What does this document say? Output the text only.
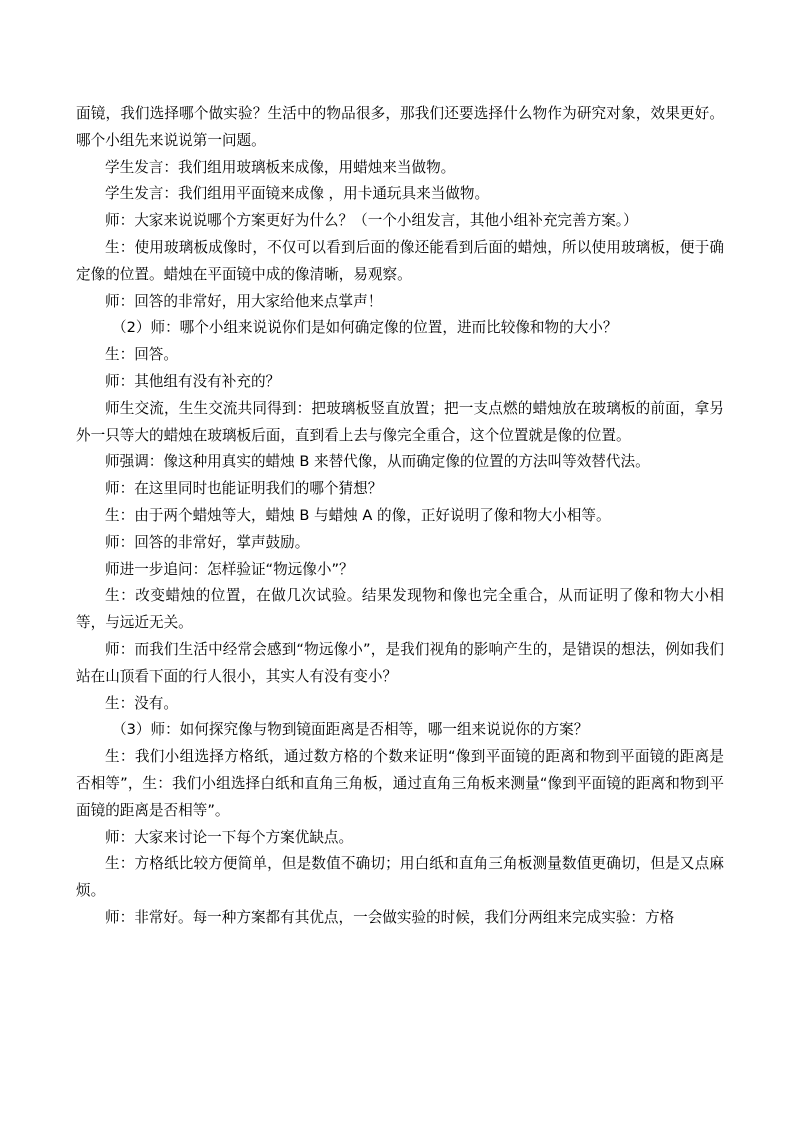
面镜，我们选择哪个做实验？生活中的物品很多，那我们还要选择什么物作为研究对象，效果更好。哪个小组先来说说第一问题。

学生发言：我们组用玻璃板来成像，用蜡烛来当做物。

学生发言：我们组用平面镜来成像 ，用卡通玩具来当做物。

师：大家来说说哪个方案更好为什么？（一个小组发言，其他小组补充完善方案。）

生：使用玻璃板成像时，不仅可以看到后面的像还能看到后面的蜡烛，所以使用玻璃板，便于确定像的位置。蜡烛在平面镜中成的像清晰，易观察。

师：回答的非常好，用大家给他来点掌声！

（2）师：哪个小组来说说你们是如何确定像的位置，进而比较像和物的大小？

生：回答。

师：其他组有没有补充的？

师生交流，生生交流共同得到：把玻璃板竖直放置；把一支点燃的蜡烛放在玻璃板的前面，拿另外一只等大的蜡烛在玻璃板后面，直到看上去与像完全重合，这个位置就是像的位置。

师强调：像这种用真实的蜡烛 B 来替代像，从而确定像的位置的方法叫等效替代法。

师：在这里同时也能证明我们的哪个猜想？

生：由于两个蜡烛等大，蜡烛 B 与蜡烛 A 的像，正好说明了像和物大小相等。

师：回答的非常好，掌声鼓励。

师进一步追问：怎样验证“物远像小”？

生：改变蜡烛的位置，在做几次试验。结果发现物和像也完全重合，从而证明了像和物大小相等，与远近无关。

师：而我们生活中经常会感到“物远像小”，是我们视角的影响产生的，是错误的想法，例如我们站在山顶看下面的行人很小，其实人有没有变小？

生：没有。

（3）师：如何探究像与物到镜面距离是否相等，哪一组来说说你的方案？

生：我们小组选择方格纸，通过数方格的个数来证明“像到平面镜的距离和物到平面镜的距离是否相等”，生：我们小组选择白纸和直角三角板，通过直角三角板来测量“像到平面镜的距离和物到平面镜的距离是否相等”。

师：大家来讨论一下每个方案优缺点。

生：方格纸比较方便简单，但是数值不确切；用白纸和直角三角板测量数值更确切，但是又点麻烦。

师：非常好。每一种方案都有其优点，一会做实验的时候，我们分两组来完成实验：方格
